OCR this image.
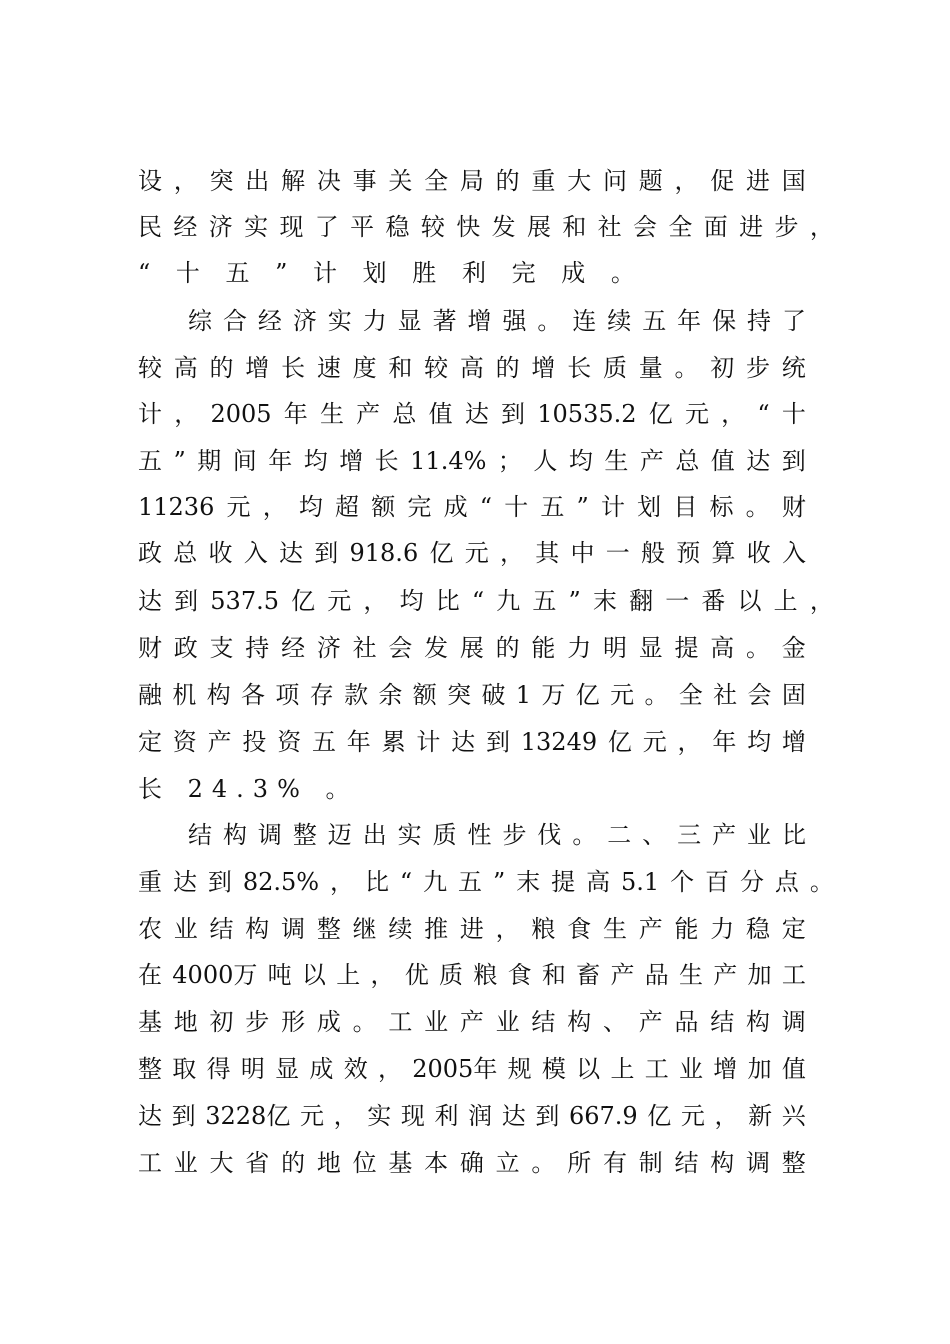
设 ， 突 出 解 决 事 关 全 局 的 重 大 问 题 ， 促 进 国
民 经 济 实 现 了 平 稳 较 快 发 展 和 社 会 全 面 进 步 ，
“ 十 五 ” 计 划 胜 利 完 成 。
综 合 经 济 实 力 显 著 增 强 。 连 续 五 年 保 持 了
较 高 的 增 长 速 度 和 较 高 的 增 长 质 量 。 初 步 统
计 ， 2005 年 生 产 总 值 达 到 10535.2 亿 元 ， “ 十
五 ” 期 间 年 均 增 长 11.4% ； 人 均 生 产 总 值 达 到
11236 元 ， 均 超 额 完 成 “ 十 五 ” 计 划 目 标 。 财
政 总 收 入 达 到 918.6 亿 元 ， 其 中 一 般 预 算 收 入
达 到 537.5 亿 元 ， 均 比 “ 九 五 ” 末 翻 一 番 以 上 ，
财 政 支 持 经 济 社 会 发 展 的 能 力 明 显 提 高 。 金
融 机 构 各 项 存 款 余 额 突 破 1 万 亿 元 。 全 社 会 固
定 资 产 投 资 五 年 累 计 达 到 13249 亿 元 ， 年 均 增
长 24.3% 。
结 构 调 整 迈 出 实 质 性 步 伐 。 二 、 三 产 业 比
重 达 到 82.5% ， 比 “ 九 五 ” 末 提 高 5.1 个 百 分 点 。
农 业 结 构 调 整 继 续 推 进 ， 粮 食 生 产 能 力 稳 定
在 4000万 吨 以 上 ， 优 质 粮 食 和 畜 产 品 生 产 加 工
基 地 初 步 形 成 。 工 业 产 业 结 构 、 产 品 结 构 调
整 取 得 明 显 成 效 ， 2005年 规 模 以 上 工 业 增 加 值
达 到 3228亿 元 ， 实 现 利 润 达 到 667.9 亿 元 ， 新 兴
工 业 大 省 的 地 位 基 本 确 立 。 所 有 制 结 构 调 整
